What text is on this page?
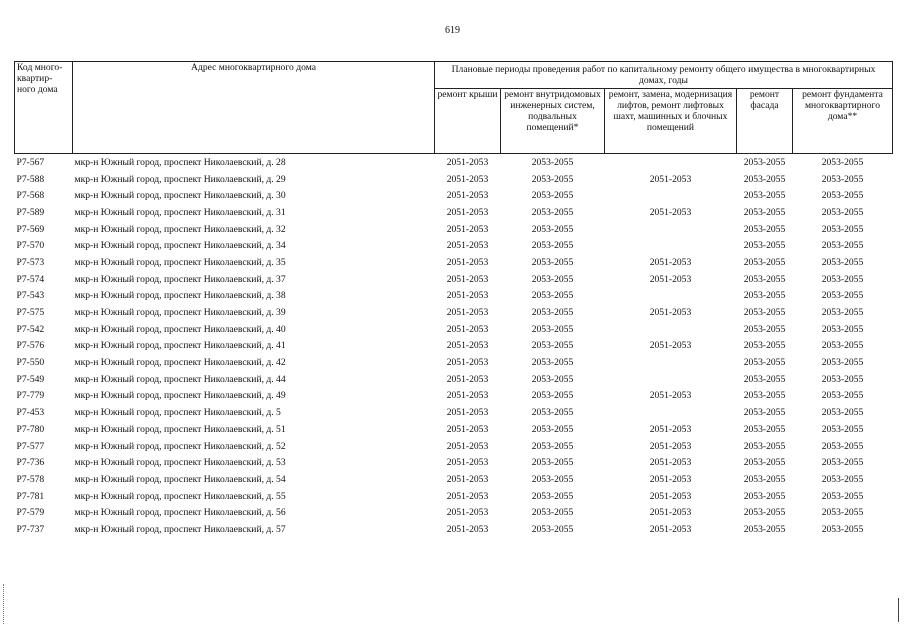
619
Код много-квартир-ного дома	Адрес многоквартирного дома	Плановые периоды проведения работ по капитальному ремонту общего имущества в многоквартирных домах, годы				
		ремонт крыши	ремонт внутридомовых инженерных систем, подвальных помещений*	ремонт, замена, модернизация лифтов, ремонт лифтовых шахт, машинных и блочных помещений	ремонт фасада	ремонт фундамента многоквартирного дома**
Р7-567	мкр-н Южный город, проспект Николаевский, д. 28	2051-2053	2053-2055		2053-2055	2053-2055
Р7-588	мкр-н Южный город, проспект Николаевский, д. 29	2051-2053	2053-2055	2051-2053	2053-2055	2053-2055
Р7-568	мкр-н Южный город, проспект Николаевский, д. 30	2051-2053	2053-2055		2053-2055	2053-2055
Р7-589	мкр-н Южный город, проспект Николаевский, д. 31	2051-2053	2053-2055	2051-2053	2053-2055	2053-2055
Р7-569	мкр-н Южный город, проспект Николаевский, д. 32	2051-2053	2053-2055		2053-2055	2053-2055
Р7-570	мкр-н Южный город, проспект Николаевский, д. 34	2051-2053	2053-2055		2053-2055	2053-2055
Р7-573	мкр-н Южный город, проспект Николаевский, д. 35	2051-2053	2053-2055	2051-2053	2053-2055	2053-2055
Р7-574	мкр-н Южный город, проспект Николаевский, д. 37	2051-2053	2053-2055	2051-2053	2053-2055	2053-2055
Р7-543	мкр-н Южный город, проспект Николаевский, д. 38	2051-2053	2053-2055		2053-2055	2053-2055
Р7-575	мкр-н Южный город, проспект Николаевский, д. 39	2051-2053	2053-2055	2051-2053	2053-2055	2053-2055
Р7-542	мкр-н Южный город, проспект Николаевский, д. 40	2051-2053	2053-2055		2053-2055	2053-2055
Р7-576	мкр-н Южный город, проспект Николаевский, д. 41	2051-2053	2053-2055	2051-2053	2053-2055	2053-2055
Р7-550	мкр-н Южный город, проспект Николаевский, д. 42	2051-2053	2053-2055		2053-2055	2053-2055
Р7-549	мкр-н Южный город, проспект Николаевский, д. 44	2051-2053	2053-2055		2053-2055	2053-2055
Р7-779	мкр-н Южный город, проспект Николаевский, д. 49	2051-2053	2053-2055	2051-2053	2053-2055	2053-2055
Р7-453	мкр-н Южный город, проспект Николаевский, д. 5	2051-2053	2053-2055		2053-2055	2053-2055
Р7-780	мкр-н Южный город, проспект Николаевский, д. 51	2051-2053	2053-2055	2051-2053	2053-2055	2053-2055
Р7-577	мкр-н Южный город, проспект Николаевский, д. 52	2051-2053	2053-2055	2051-2053	2053-2055	2053-2055
Р7-736	мкр-н Южный город, проспект Николаевский, д. 53	2051-2053	2053-2055	2051-2053	2053-2055	2053-2055
Р7-578	мкр-н Южный город, проспект Николаевский, д. 54	2051-2053	2053-2055	2051-2053	2053-2055	2053-2055
Р7-781	мкр-н Южный город, проспект Николаевский, д. 55	2051-2053	2053-2055	2051-2053	2053-2055	2053-2055
Р7-579	мкр-н Южный город, проспект Николаевский, д. 56	2051-2053	2053-2055	2051-2053	2053-2055	2053-2055
Р7-737	мкр-н Южный город, проспект Николаевский, д. 57	2051-2053	2053-2055	2051-2053	2053-2055	2053-2055
